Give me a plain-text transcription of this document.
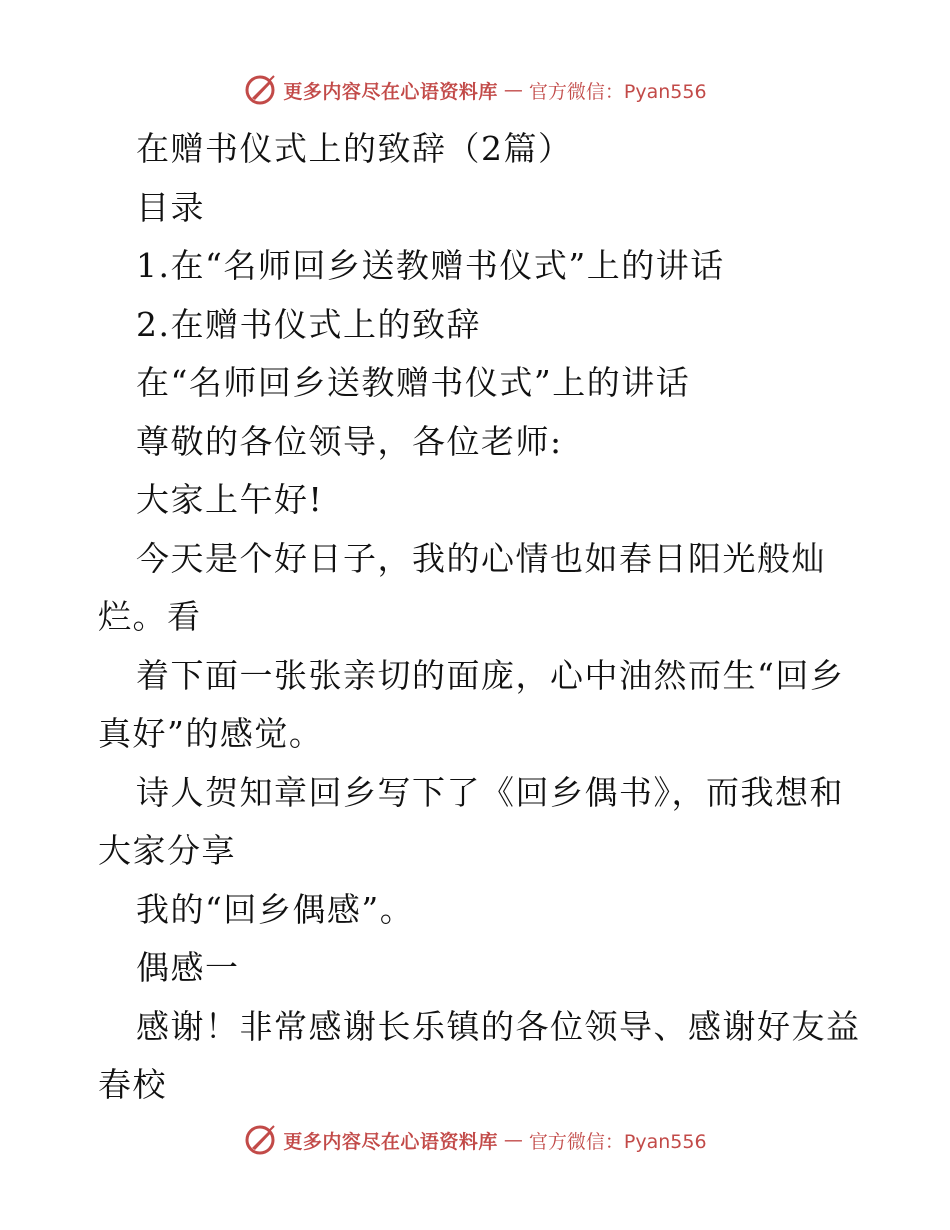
更多内容尽在心语资料库 — 官方微信：Pyan556
在赠书仪式上的致辞（2篇）
目录
1.在“名师回乡送教赠书仪式”上的讲话
2.在赠书仪式上的致辞
在“名师回乡送教赠书仪式”上的讲话
尊敬的各位领导，各位老师:
大家上午好!
今天是个好日子，我的心情也如春日阳光般灿
烂。看
着下面一张张亲切的面庞，心中油然而生“回乡
真好”的感觉。
诗人贺知章回乡写下了《回乡偶书》，而我想和
大家分享
我的“回乡偶感”。
偶感一
感谢！非常感谢长乐镇的各位领导、感谢好友益
春校
更多内容尽在心语资料库 — 官方微信：Pyan556
